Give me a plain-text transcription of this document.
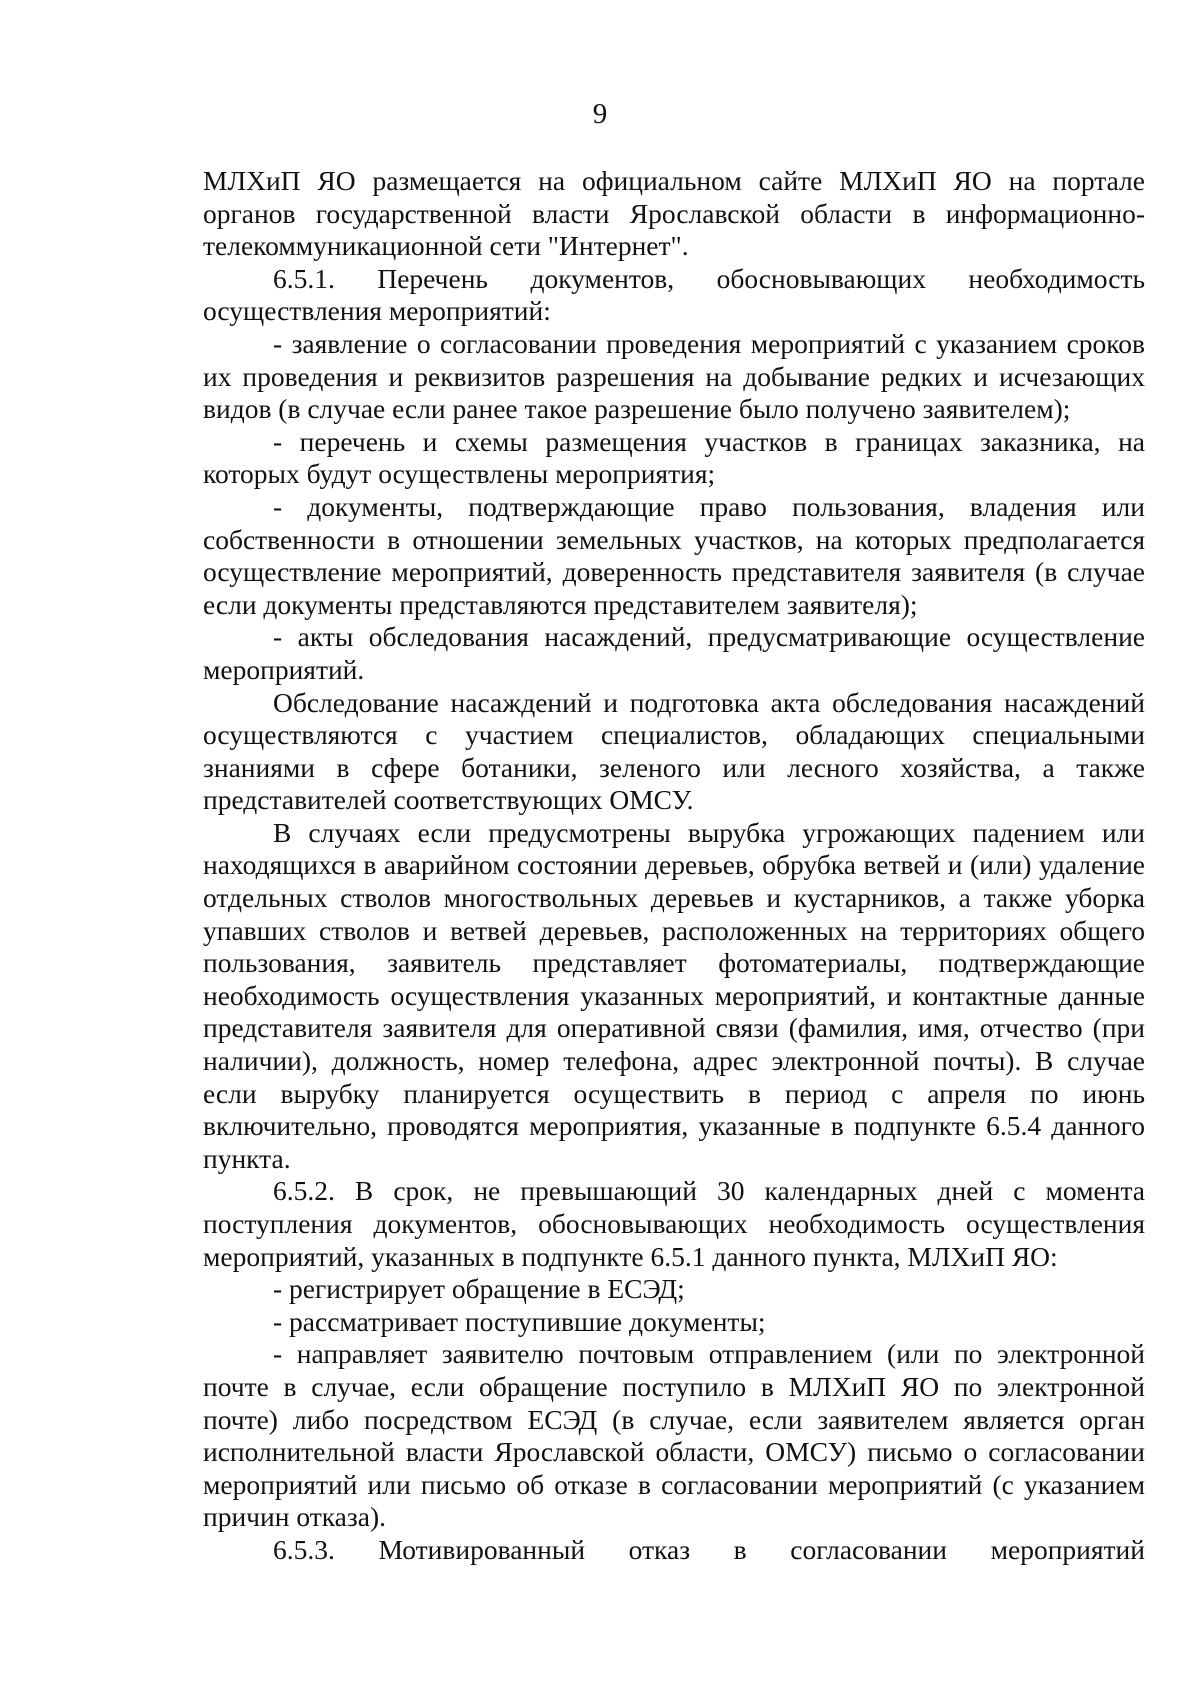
9

МЛХиП ЯО размещается на официальном сайте МЛХиП ЯО на портале органов государственной власти Ярославской области в информационно-телекоммуникационной сети "Интернет".

6.5.1. Перечень документов, обосновывающих необходимость осуществления мероприятий:

- заявление о согласовании проведения мероприятий с указанием сроков их проведения и реквизитов разрешения на добывание редких и исчезающих видов (в случае если ранее такое разрешение было получено заявителем);

- перечень и схемы размещения участков в границах заказника, на которых будут осуществлены мероприятия;

- документы, подтверждающие право пользования, владения или собственности в отношении земельных участков, на которых предполагается осуществление мероприятий, доверенность представителя заявителя (в случае если документы представляются представителем заявителя);

- акты обследования насаждений, предусматривающие осуществление мероприятий.

Обследование насаждений и подготовка акта обследования насаждений осуществляются с участием специалистов, обладающих специальными знаниями в сфере ботаники, зеленого или лесного хозяйства, а также представителей соответствующих ОМСУ.

В случаях если предусмотрены вырубка угрожающих падением или находящихся в аварийном состоянии деревьев, обрубка ветвей и (или) удаление отдельных стволов многоствольных деревьев и кустарников, а также уборка упавших стволов и ветвей деревьев, расположенных на территориях общего пользования, заявитель представляет фотоматериалы, подтверждающие необходимость осуществления указанных мероприятий, и контактные данные представителя заявителя для оперативной связи (фамилия, имя, отчество (при наличии), должность, номер телефона, адрес электронной почты). В случае если вырубку планируется осуществить в период с апреля по июнь включительно, проводятся мероприятия, указанные в подпункте 6.5.4 данного пункта.

6.5.2. В срок, не превышающий 30 календарных дней с момента поступления документов, обосновывающих необходимость осуществления мероприятий, указанных в подпункте 6.5.1 данного пункта, МЛХиП ЯО:

- регистрирует обращение в ЕСЭД;

- рассматривает поступившие документы;

- направляет заявителю почтовым отправлением (или по электронной почте в случае, если обращение поступило в МЛХиП ЯО по электронной почте) либо посредством ЕСЭД (в случае, если заявителем является орган исполнительной власти Ярославской области, ОМСУ) письмо о согласовании мероприятий или письмо об отказе в согласовании мероприятий (с указанием причин отказа).

6.5.3. Мотивированный отказ в согласовании мероприятий
